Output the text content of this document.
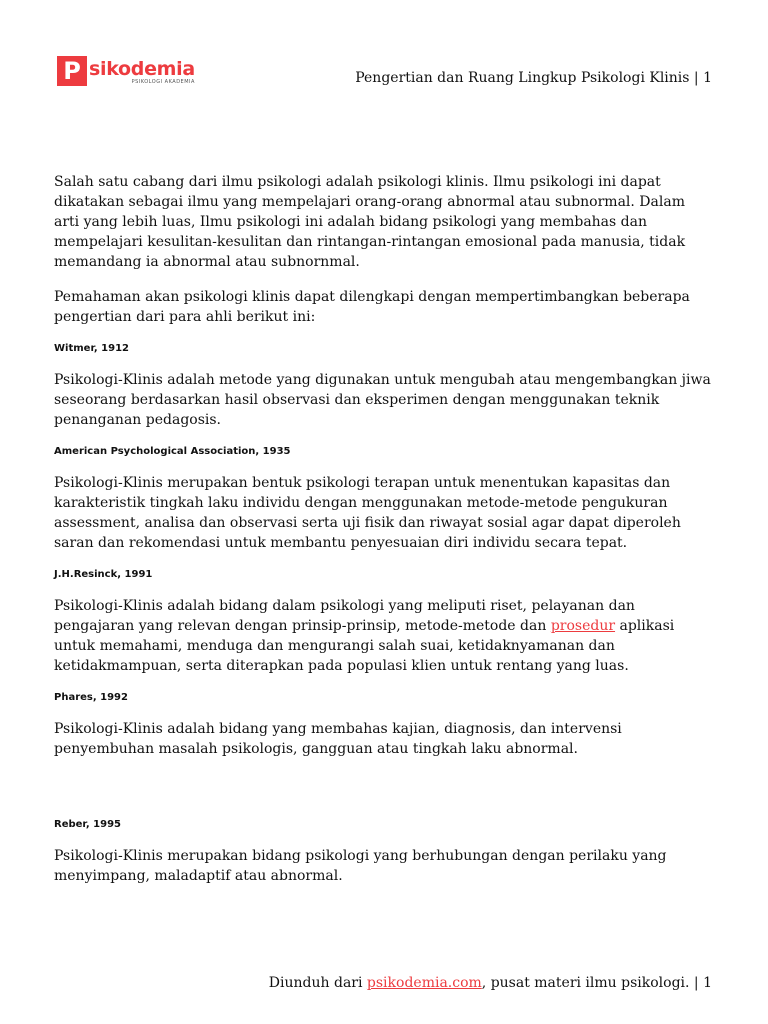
P sikodemia
PSIKOLOGI AKADEMIA	Pengertian dan Ruang Lingkup Psikologi Klinis | 1

Salah satu cabang dari ilmu psikologi adalah psikologi klinis. Ilmu psikologi ini dapat dikatakan sebagai ilmu yang mempelajari orang-orang abnormal atau subnormal. Dalam arti yang lebih luas, Ilmu psikologi ini adalah bidang psikologi yang membahas dan mempelajari kesulitan-kesulitan dan rintangan-rintangan emosional pada manusia, tidak memandang ia abnormal atau subnornmal.

Pemahaman akan psikologi klinis dapat dilengkapi dengan mempertimbangkan beberapa pengertian dari para ahli berikut ini:

Witmer, 1912

Psikologi-Klinis adalah metode yang digunakan untuk mengubah atau mengembangkan jiwa seseorang berdasarkan hasil observasi dan eksperimen dengan menggunakan teknik penanganan pedagosis.

American Psychological Association, 1935

Psikologi-Klinis merupakan bentuk psikologi terapan untuk menentukan kapasitas dan karakteristik tingkah laku individu dengan menggunakan metode-metode pengukuran assessment, analisa dan observasi serta uji fisik dan riwayat sosial agar dapat diperoleh saran dan rekomendasi untuk membantu penyesuaian diri individu secara tepat.

J.H.Resinck, 1991

Psikologi-Klinis adalah bidang dalam psikologi yang meliputi riset, pelayanan dan pengajaran yang relevan dengan prinsip-prinsip, metode-metode dan prosedur aplikasi untuk memahami, menduga dan mengurangi salah suai, ketidaknyamanan dan ketidakmampuan, serta diterapkan pada populasi klien untuk rentang yang luas.

Phares, 1992

Psikologi-Klinis adalah bidang yang membahas kajian, diagnosis, dan intervensi penyembuhan masalah psikologis, gangguan atau tingkah laku abnormal.

Reber, 1995

Psikologi-Klinis merupakan bidang psikologi yang berhubungan dengan perilaku yang menyimpang, maladaptif atau abnormal.

Diunduh dari psikodemia.com, pusat materi ilmu psikologi. | 1
